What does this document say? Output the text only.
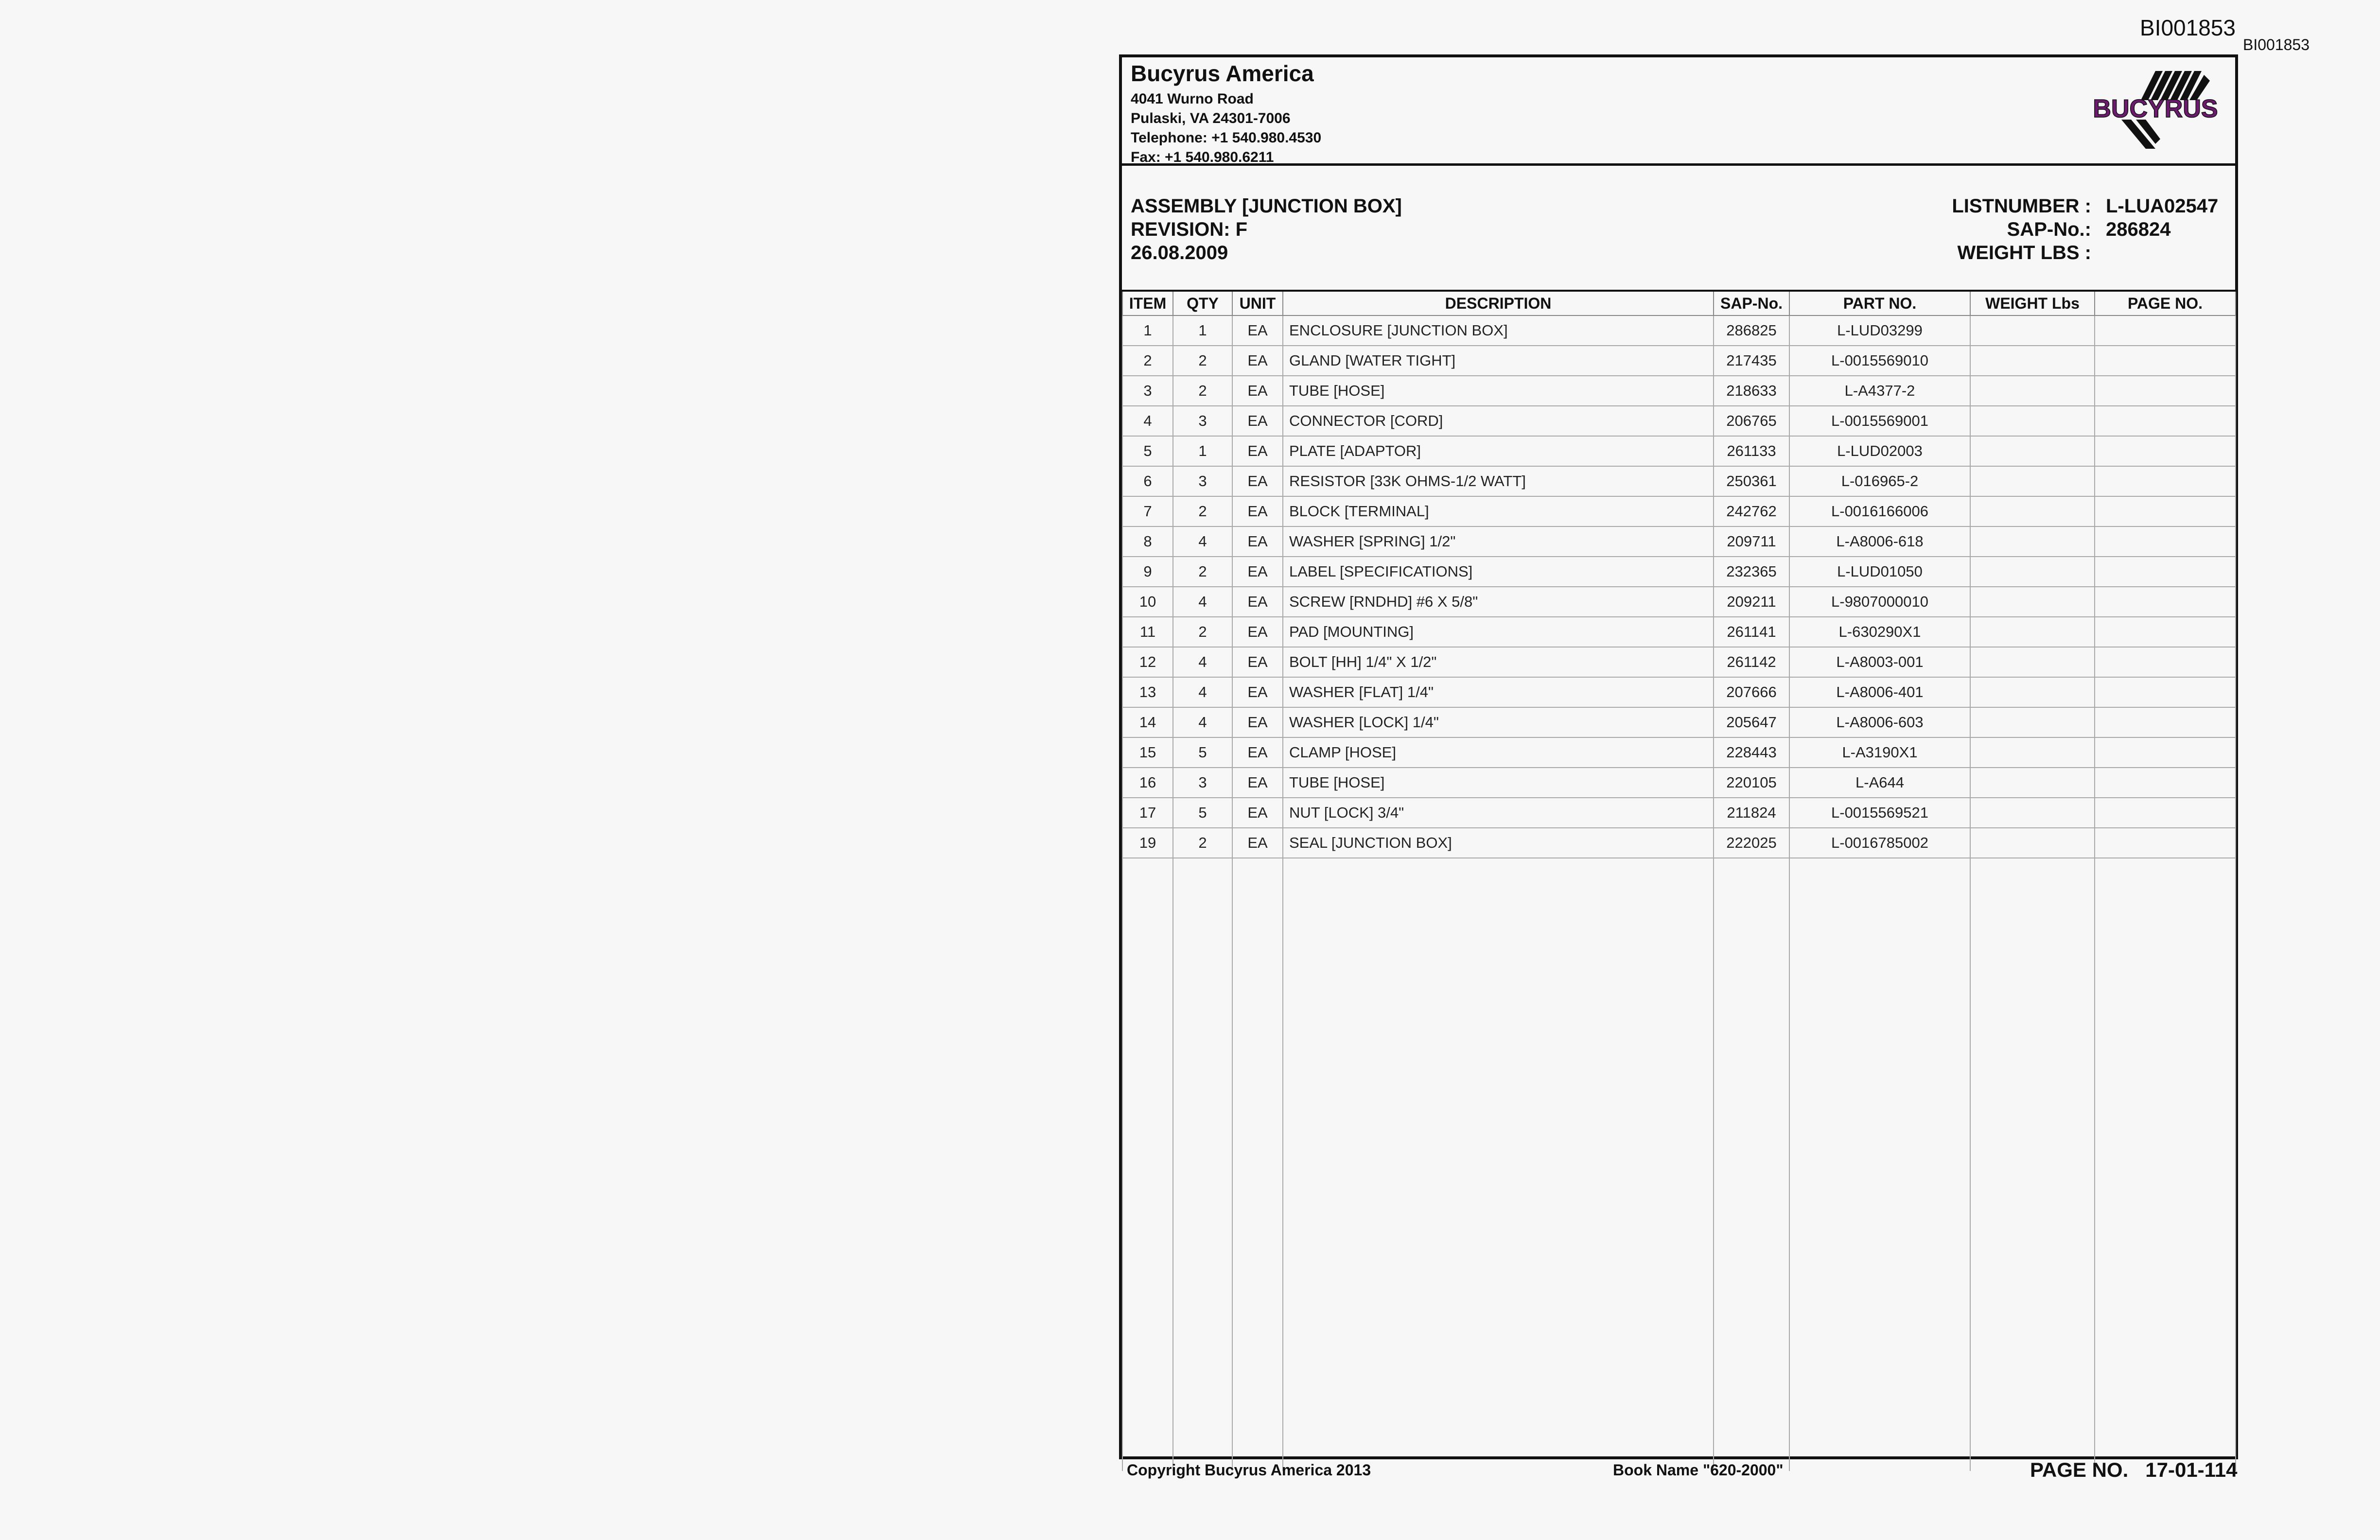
BI001853
BI001853
Bucyrus America
4041 Wurno Road
Pulaski, VA 24301-7006
Telephone: +1 540.980.4530
Fax: +1 540.980.6211
BUCYRUS
ASSEMBLY [JUNCTION BOX]
REVISION: F
26.08.2009
LISTNUMBER : L-LUA02547
SAP-No.: 286824
WEIGHT LBS :
ITEM	QTY	UNIT	DESCRIPTION	SAP-No.	PART NO.	WEIGHT Lbs	PAGE NO.
1	1	EA	ENCLOSURE [JUNCTION BOX]	286825	L-LUD03299		
2	2	EA	GLAND [WATER TIGHT]	217435	L-0015569010		
3	2	EA	TUBE [HOSE]	218633	L-A4377-2		
4	3	EA	CONNECTOR [CORD]	206765	L-0015569001		
5	1	EA	PLATE [ADAPTOR]	261133	L-LUD02003		
6	3	EA	RESISTOR [33K OHMS-1/2 WATT]	250361	L-016965-2		
7	2	EA	BLOCK [TERMINAL]	242762	L-0016166006		
8	4	EA	WASHER [SPRING] 1/2"	209711	L-A8006-618		
9	2	EA	LABEL [SPECIFICATIONS]	232365	L-LUD01050		
10	4	EA	SCREW [RNDHD] #6 X 5/8"	209211	L-9807000010		
11	2	EA	PAD [MOUNTING]	261141	L-630290X1		
12	4	EA	BOLT [HH] 1/4" X 1/2"	261142	L-A8003-001		
13	4	EA	WASHER [FLAT] 1/4"	207666	L-A8006-401		
14	4	EA	WASHER [LOCK] 1/4"	205647	L-A8006-603		
15	5	EA	CLAMP [HOSE]	228443	L-A3190X1		
16	3	EA	TUBE [HOSE]	220105	L-A644		
17	5	EA	NUT [LOCK] 3/4"	211824	L-0015569521		
19	2	EA	SEAL [JUNCTION BOX]	222025	L-0016785002		

Copyright Bucyrus America 2013	Book Name "620-2000"	PAGE NO. 17-01-114
